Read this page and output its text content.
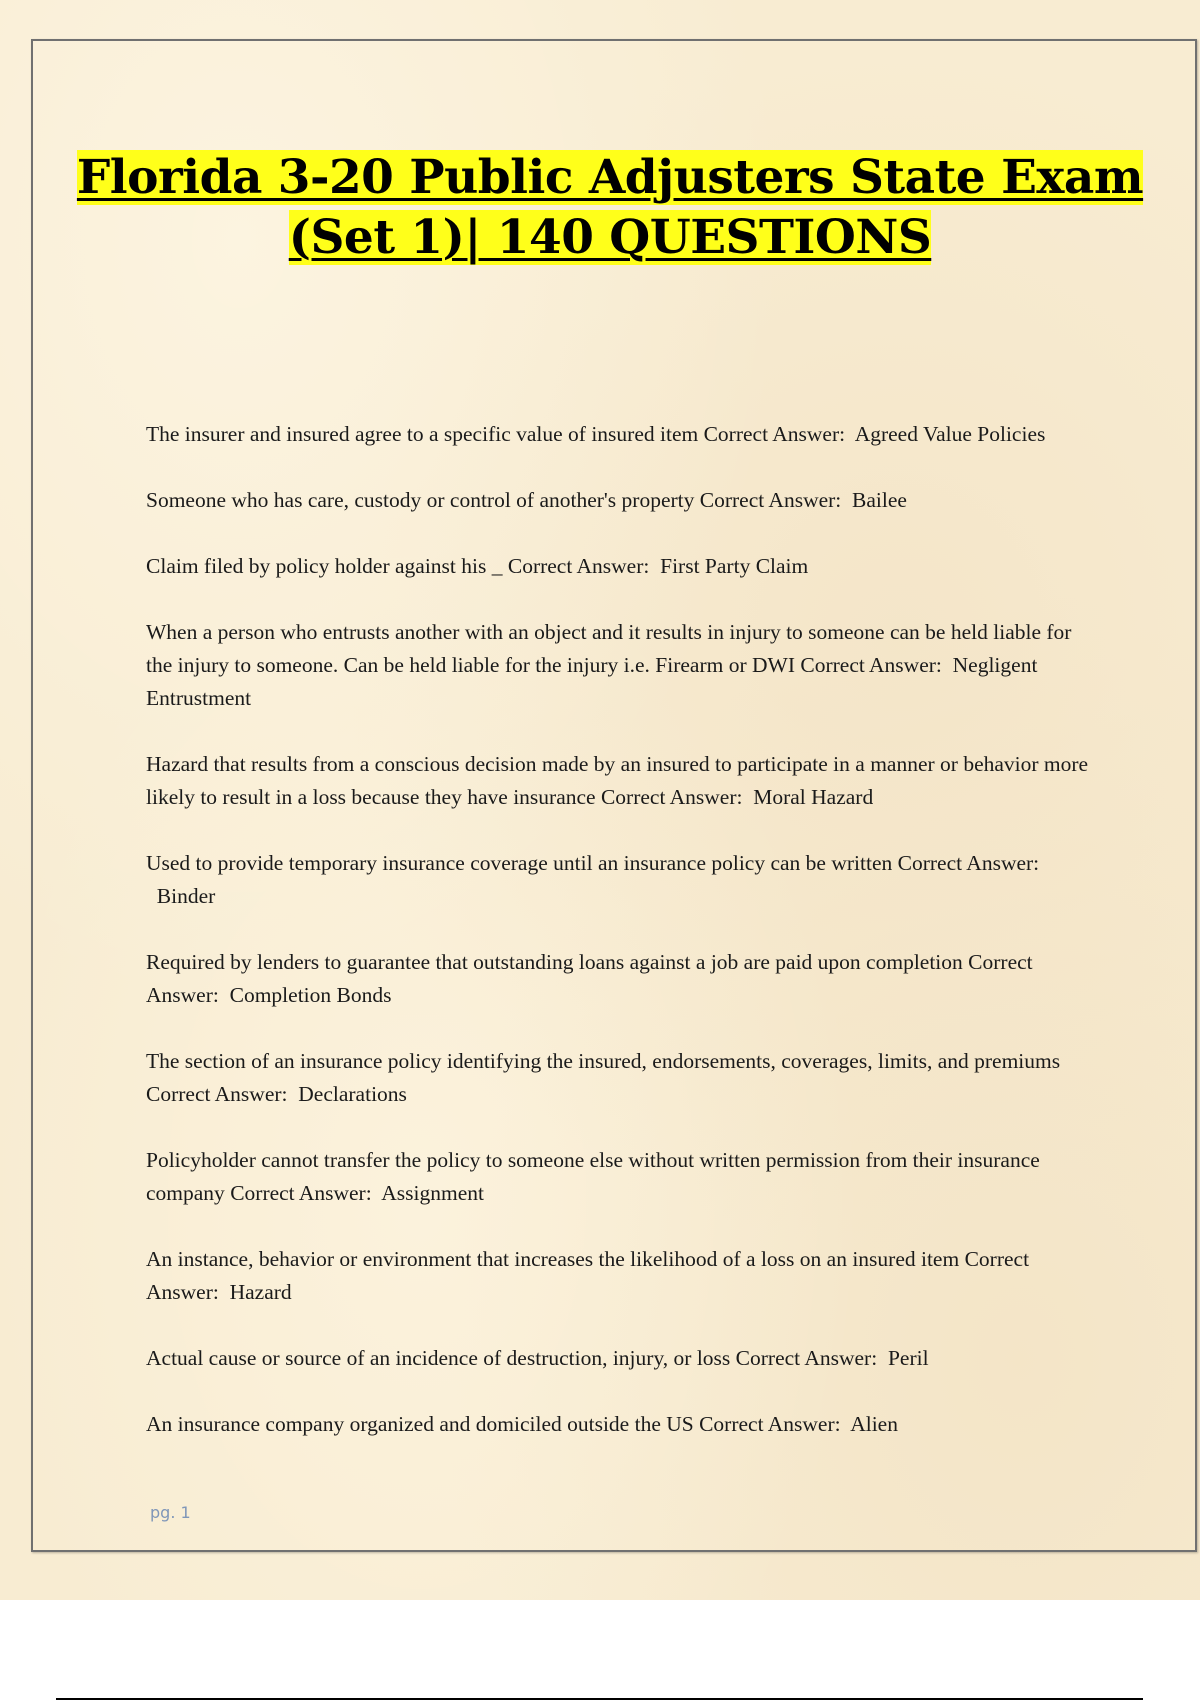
Florida 3-20 Public Adjusters State Exam
(Set 1)| 140 QUESTIONS
The insurer and insured agree to a specific value of insured item Correct Answer: Agreed Value Policies
Someone who has care, custody or control of another's property Correct Answer: Bailee
Claim filed by policy holder against his _ Correct Answer: First Party Claim
When a person who entrusts another with an object and it results in injury to someone can be held liable for the injury to someone. Can be held liable for the injury i.e. Firearm or DWI Correct Answer: Negligent Entrustment
Hazard that results from a conscious decision made by an insured to participate in a manner or behavior more likely to result in a loss because they have insurance Correct Answer: Moral Hazard
Used to provide temporary insurance coverage until an insurance policy can be written Correct Answer:  Binder
Required by lenders to guarantee that outstanding loans against a job are paid upon completion Correct Answer: Completion Bonds
The section of an insurance policy identifying the insured, endorsements, coverages, limits, and premiums Correct Answer: Declarations
Policyholder cannot transfer the policy to someone else without written permission from their insurance company Correct Answer: Assignment
An instance, behavior or environment that increases the likelihood of a loss on an insured item Correct Answer: Hazard
Actual cause or source of an incidence of destruction, injury, or loss Correct Answer: Peril
An insurance company organized and domiciled outside the US Correct Answer: Alien
pg. 1
